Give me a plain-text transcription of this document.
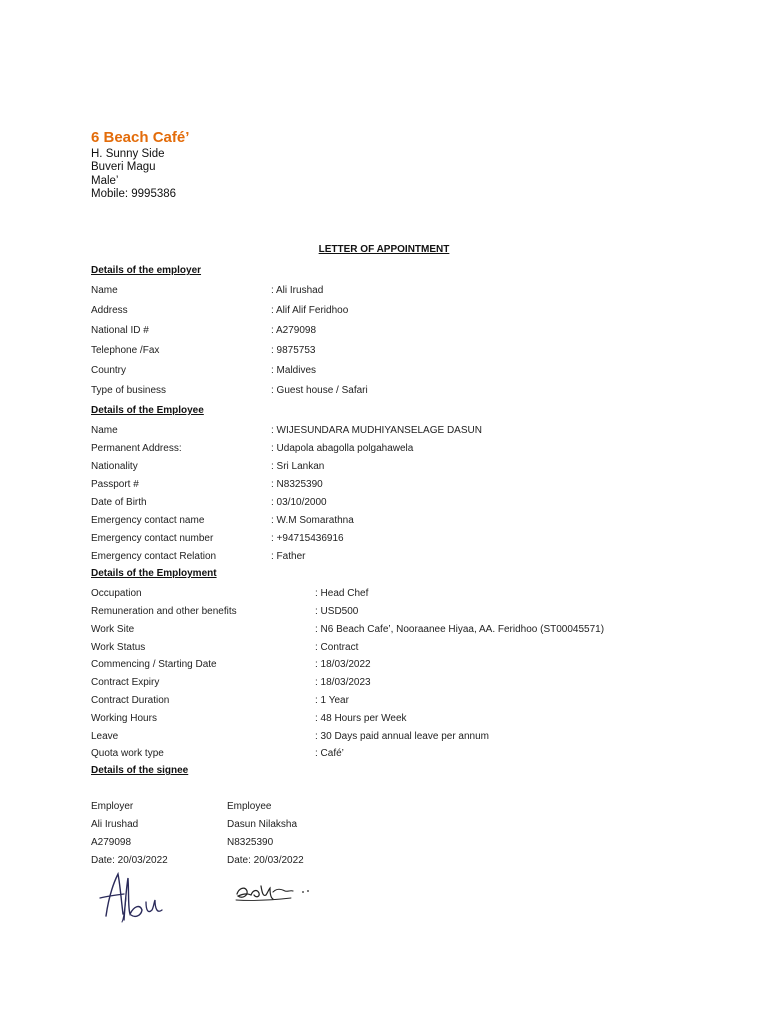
6 Beach Café’
H. Sunny Side
Buveri Magu
Male’
Mobile: 9995386
LETTER OF APPOINTMENT
Details of the employer
Name	: Ali Irushad
Address	: Alif Alif Feridhoo
National ID #	: A279098
Telephone /Fax	: 9875753
Country	: Maldives
Type of business	: Guest house / Safari
Details of the Employee
Name	: WIJESUNDARA MUDHIYANSELAGE DASUN
Permanent Address:	: Udapola abagolla polgahawela
Nationality	: Sri Lankan
Passport #	: N8325390
Date of Birth	: 03/10/2000
Emergency contact name	: W.M Somarathna
Emergency contact number	: +94715436916
Emergency contact Relation	: Father
Details of the Employment
Occupation	: Head Chef
Remuneration and other benefits	: USD500
Work Site	: N6 Beach Cafe’, Nooraanee Hiyaa, AA. Feridhoo (ST00045571)
Work Status	: Contract
Commencing / Starting Date	: 18/03/2022
Contract Expiry	: 18/03/2023
Contract Duration	: 1 Year
Working Hours	: 48 Hours per Week
Leave	: 30 Days paid annual leave per annum
Quota work type	: Café’
Details of the signee
Employer
Ali Irushad
A279098
Date: 20/03/2022
Employee
Dasun Nilaksha
N8325390
Date: 20/03/2022
